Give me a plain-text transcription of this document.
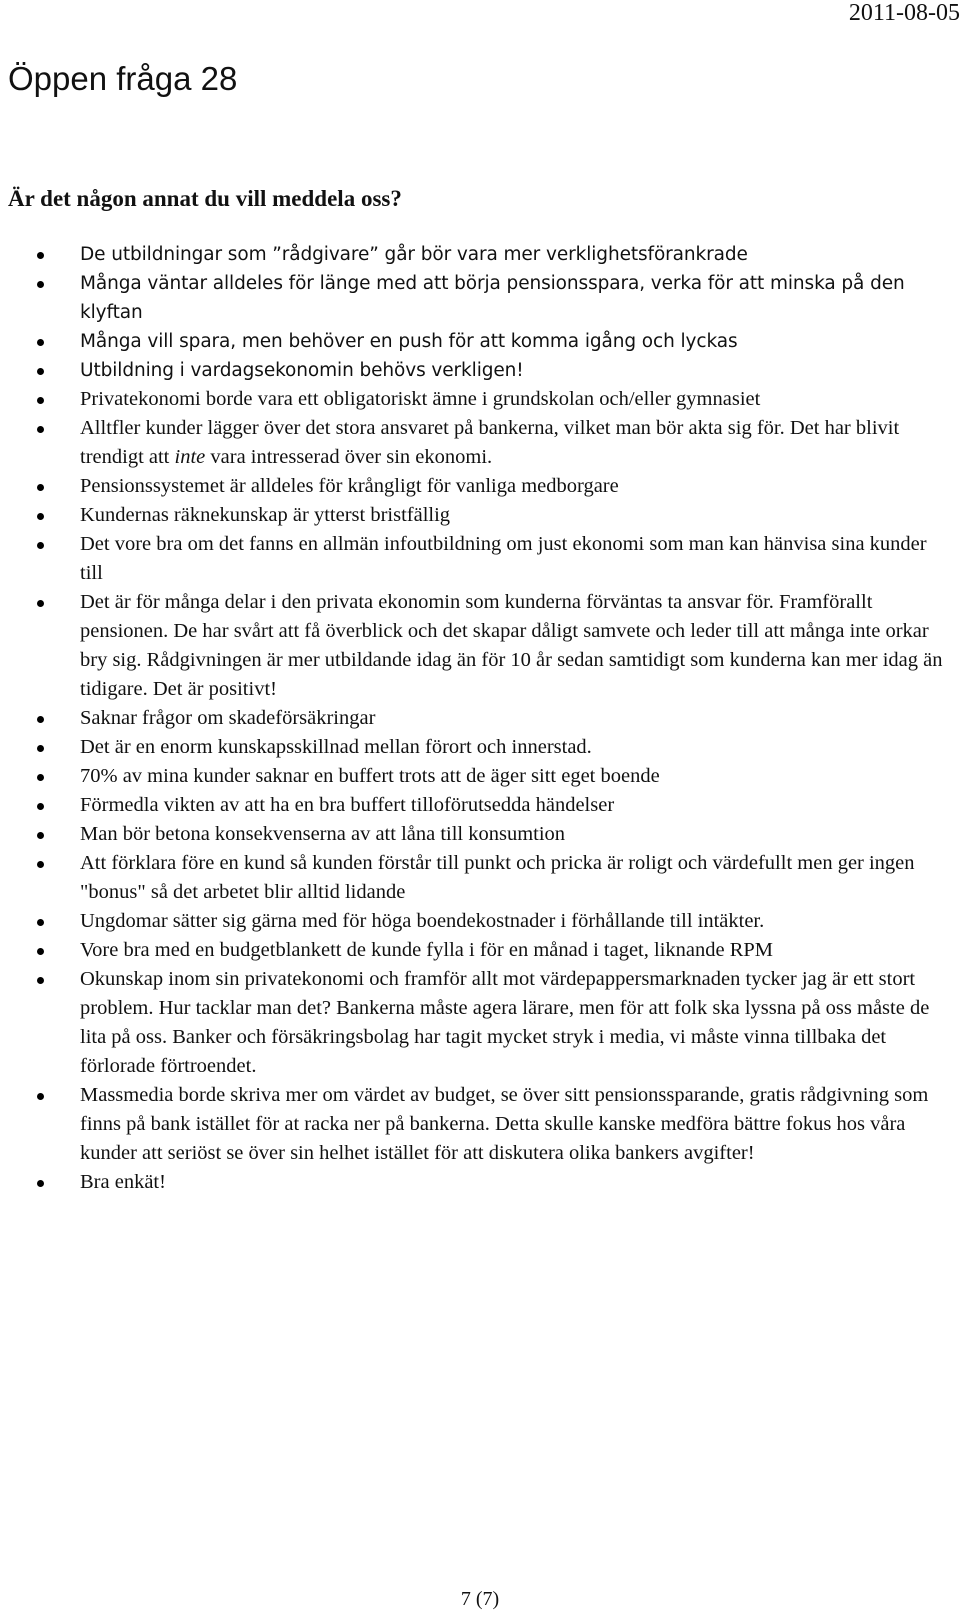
2011-08-05
Öppen fråga 28
Är det någon annat du vill meddela oss?
De utbildningar som ”rådgivare” går bör vara mer verklighetsförankrade
Många väntar alldeles för länge med att börja pensionsspara, verka för att minska på den klyftan
Många vill spara, men behöver en push för att komma igång och lyckas
Utbildning i vardagsekonomin behövs verkligen!
Privatekonomi borde vara ett obligatoriskt ämne i grundskolan och/eller gymnasiet
Alltfler kunder lägger över det stora ansvaret på bankerna, vilket man bör akta sig för. Det har blivit trendigt att inte vara intresserad över sin ekonomi.
Pensionssystemet är alldeles för krångligt för vanliga medborgare
Kundernas räknekunskap är ytterst bristfällig
Det vore bra om det fanns en allmän infoutbildning om just ekonomi som man kan hänvisa sina kunder till
Det är för många delar i den privata ekonomin som kunderna förväntas ta ansvar för. Framförallt pensionen. De har svårt att få överblick och det skapar dåligt samvete och leder till att många inte orkar bry sig. Rådgivningen är mer utbildande idag än för 10 år sedan samtidigt som kunderna kan mer idag än tidigare. Det är positivt!
Saknar frågor om skadeförsäkringar
Det är en enorm kunskapsskillnad mellan förort och innerstad.
70% av mina kunder saknar en buffert trots att de äger sitt eget boende
Förmedla vikten av att ha en bra buffert tilloförutsedda händelser
Man bör betona konsekvenserna av att låna till konsumtion
Att förklara före en kund så kunden förstår till punkt och pricka är roligt och värdefullt men ger ingen "bonus" så det arbetet blir alltid lidande
Ungdomar sätter sig gärna med för höga boendekostnader i förhållande till intäkter.
Vore bra med en budgetblankett de kunde fylla i för en månad i taget, liknande RPM
Okunskap inom sin privatekonomi och framför allt mot värdepappersmarknaden tycker jag är ett stort problem. Hur tacklar man det? Bankerna måste agera lärare, men för att folk ska lyssna på oss måste de lita på oss. Banker och försäkringsbolag har tagit mycket stryk i media, vi måste vinna tillbaka det förlorade förtroendet.
Massmedia borde skriva mer om värdet av budget, se över sitt pensionssparande, gratis rådgivning som finns på bank istället för at racka ner på bankerna. Detta skulle kanske medföra bättre fokus hos våra kunder att seriöst se över sin helhet istället för att diskutera olika bankers avgifter!
Bra enkät!
7 (7)
